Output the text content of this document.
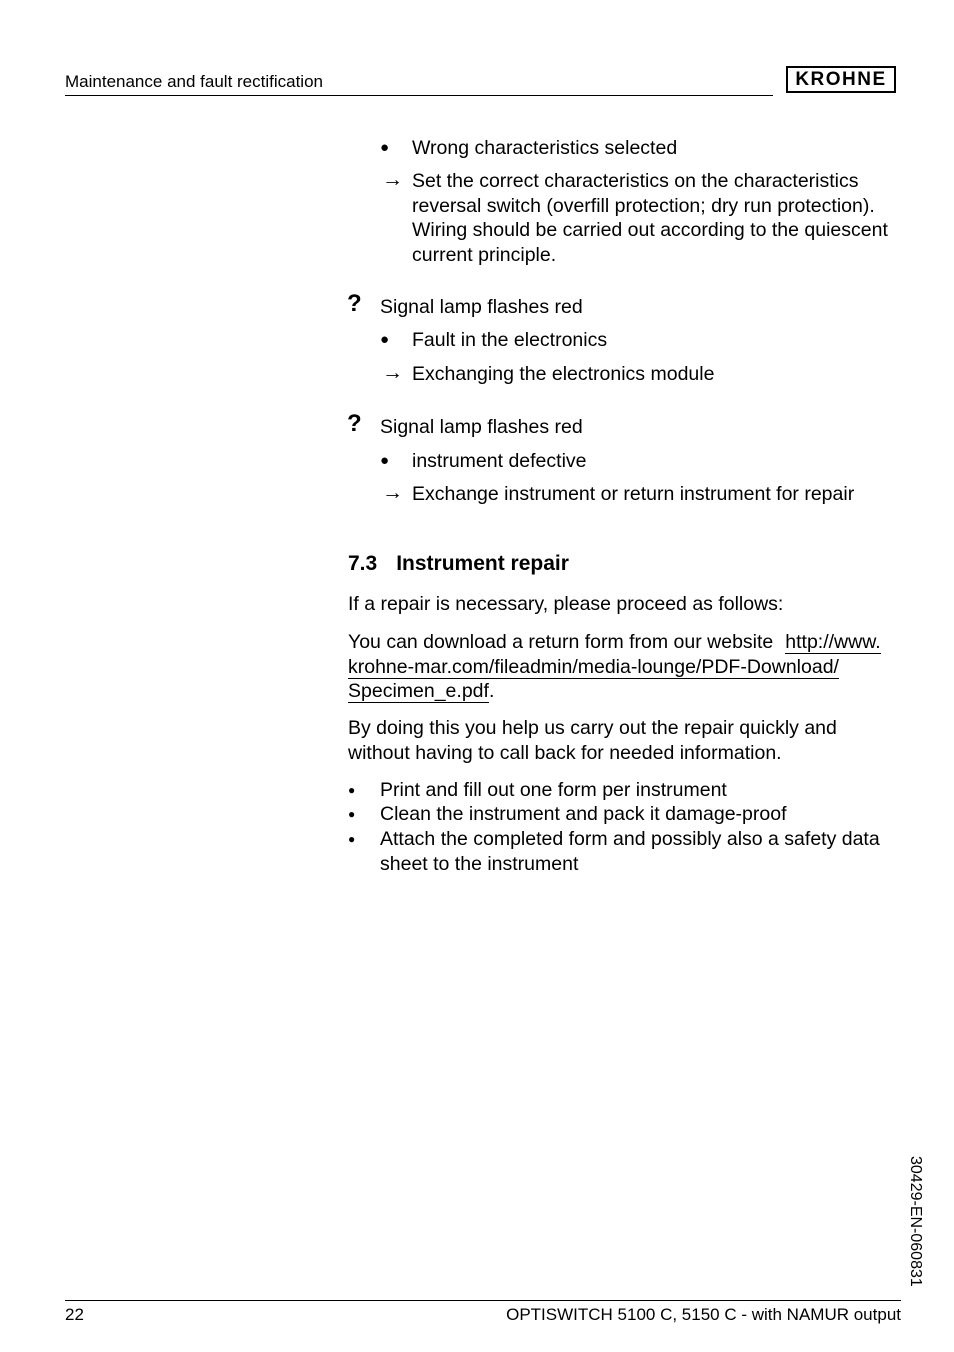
Maintenance and fault rectification	KROHNE
● Wrong characteristics selected
→ Set the correct characteristics on the characteristics
reversal switch (overfill protection; dry run protection).
Wiring should be carried out according to the quiescent
current principle.
? Signal lamp flashes red
● Fault in the electronics
→ Exchanging the electronics module
? Signal lamp flashes red
● instrument defective
→ Exchange instrument or return instrument for repair
7.3 Instrument repair
If a repair is necessary, please proceed as follows:
You can download a return form from our website http://www.
krohne-mar.com/fileadmin/media-lounge/PDF-Download/
Specimen_e.pdf.
By doing this you help us carry out the repair quickly and
without having to call back for needed information.
● Print and fill out one form per instrument
● Clean the instrument and pack it damage-proof
● Attach the completed form and possibly also a safety data
sheet to the instrument
30429-EN-060831
22	OPTISWITCH 5100 C, 5150 C - with NAMUR output
